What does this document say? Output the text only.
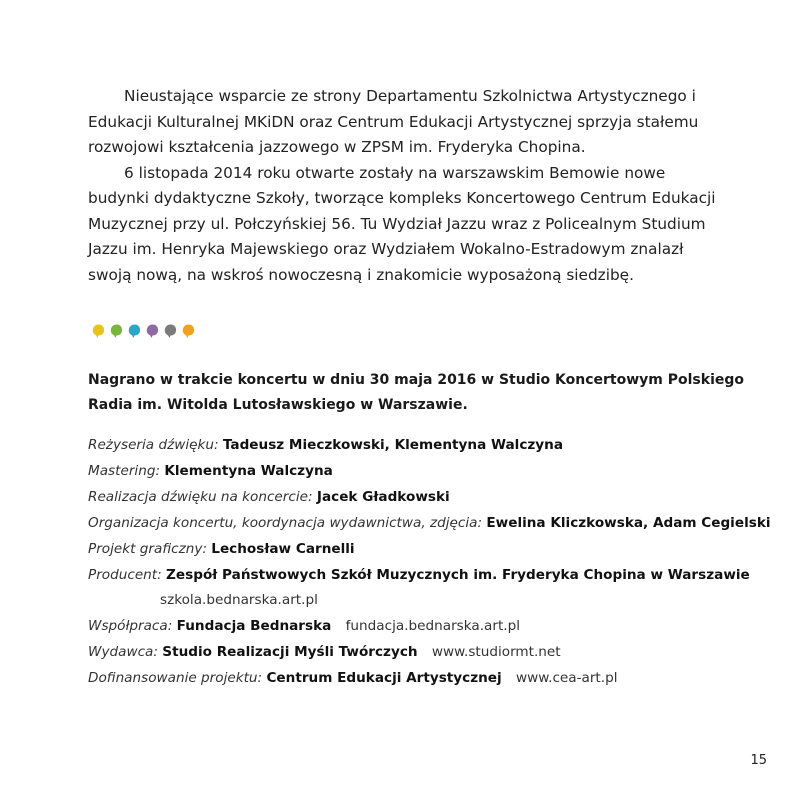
Nieustające wsparcie ze strony Departamentu Szkolnictwa Artystycznego i Edukacji Kulturalnej MKiDN oraz Centrum Edukacji Artystycznej sprzyja stałemu rozwojowi kształcenia jazzowego w ZPSM im. Fryderyka Chopina.

6 listopada 2014 roku otwarte zostały na warszawskim Bemowie nowe budynki dydaktyczne Szkoły, tworzące kompleks Koncertowego Centrum Edukacji Muzycznej przy ul. Połczyńskiej 56. Tu Wydział Jazzu wraz z Policealnym Studium Jazzu im. Henryka Majewskiego oraz Wydziałem Wokalno-Estradowym znalazł swoją nową, na wskroś nowoczesną i znakomicie wyposażoną siedzibę.

Nagrano w trakcie koncertu w dniu 30 maja 2016 w Studio Koncertowym Polskiego Radia im. Witolda Lutosławskiego w Warszawie.

Reżyseria dźwięku: Tadeusz Mieczkowski, Klementyna Walczyna
Mastering: Klementyna Walczyna
Realizacja dźwięku na koncercie: Jacek Gładkowski
Organizacja koncertu, koordynacja wydawnictwa, zdjęcia: Ewelina Kliczkowska, Adam Cegielski
Projekt graficzny: Lechosław Carnelli
Producent: Zespół Państwowych Szkół Muzycznych im. Fryderyka Chopina w Warszawie
szkola.bednarska.art.pl
Współpraca: Fundacja Bednarska fundacja.bednarska.art.pl
Wydawca: Studio Realizacji Myśli Twórczych www.studiormt.net
Dofinansowanie projektu: Centrum Edukacji Artystycznej www.cea-art.pl
15
